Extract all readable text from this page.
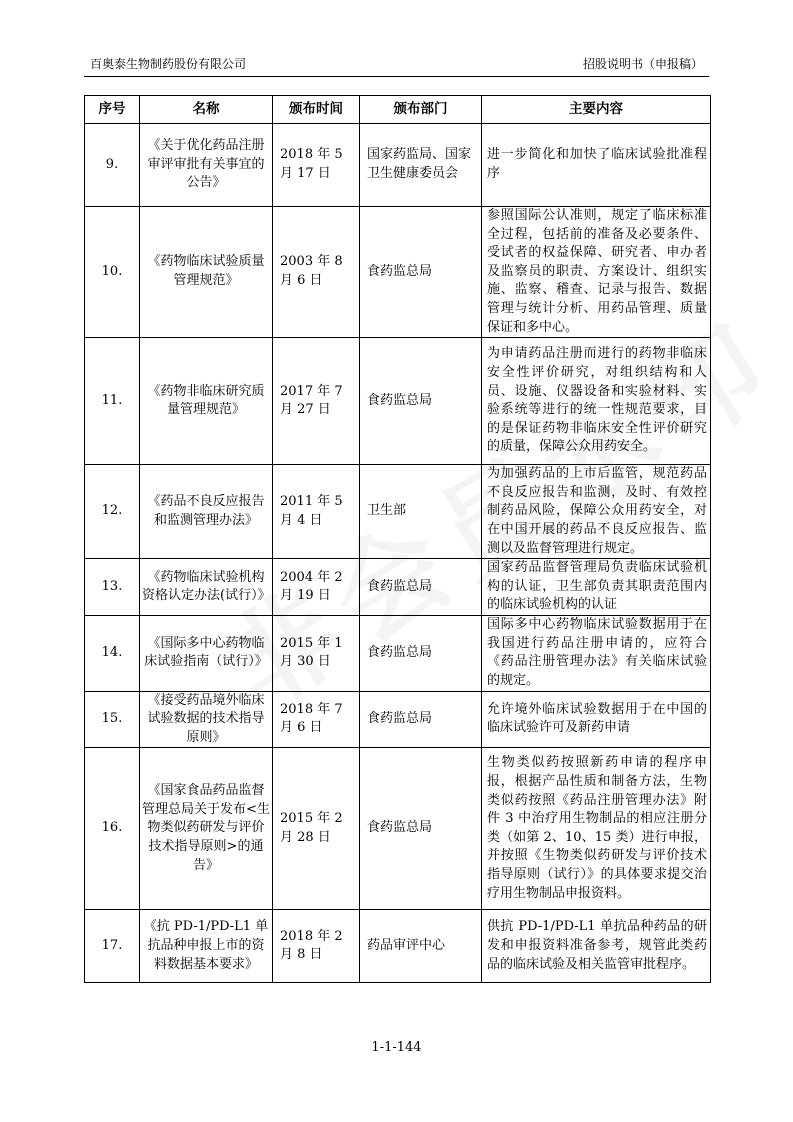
百奥泰生物制药股份有限公司	招股说明书（申报稿）
序号	名称	颁布时间	颁布部门	主要内容
9.	《关于优化药品注册审评审批有关事宜的公告》	2018 年 5 月 17 日	国家药监局、国家卫生健康委员会	进一步简化和加快了临床试验批准程序
10.	《药物临床试验质量管理规范》	2003 年 8 月 6 日	食药监总局	参照国际公认准则，规定了临床标准全过程，包括前的准备及必要条件、受试者的权益保障、研究者、申办者及监察员的职责、方案设计、组织实施、监察、稽查、记录与报告、数据管理与统计分析、用药品管理、质量保证和多中心。
11.	《药物非临床研究质量管理规范》	2017 年 7 月 27 日	食药监总局	为申请药品注册而进行的药物非临床安全性评价研究，对组织结构和人员、设施、仪器设备和实验材料、实验系统等进行的统一性规范要求，目的是保证药物非临床安全性评价研究的质量，保障公众用药安全。
12.	《药品不良反应报告和监测管理办法》	2011 年 5 月 4 日	卫生部	为加强药品的上市后监管，规范药品不良反应报告和监测，及时、有效控制药品风险，保障公众用药安全，对在中国开展的药品不良反应报告、监测以及监督管理进行规定。
13.	《药物临床试验机构资格认定办法(试行）》	2004 年 2 月 19 日	食药监总局	国家药品监督管理局负责临床试验机构的认证，卫生部负责其职责范围内的临床试验机构的认证
14.	《国际多中心药物临床试验指南（试行）》	2015 年 1 月 30 日	食药监总局	国际多中心药物临床试验数据用于在我国进行药品注册申请的，应符合《药品注册管理办法》有关临床试验的规定。
15.	《接受药品境外临床试验数据的技术指导原则》	2018 年 7 月 6 日	食药监总局	允许境外临床试验数据用于在中国的临床试验许可及新药申请
16.	《国家食品药品监督管理总局关于发布<生物类似药研发与评价技术指导原则>的通告》	2015 年 2 月 28 日	食药监总局	生物类似药按照新药申请的程序申报，根据产品性质和制备方法，生物类似药按照《药品注册管理办法》附件 3 中治疗用生物制品的相应注册分类（如第 2、10、15 类）进行申报，并按照《生物类似药研发与评价技术指导原则（试行）》的具体要求提交治疗用生物制品申报资料。
17.	《抗 PD-1/PD-L1 单抗品种申报上市的资料数据基本要求》	2018 年 2 月 8 日	药品审评中心	供抗 PD-1/PD-L1 单抗品种药品的研发和申报资料准备参考，规管此类药品的临床试验及相关监管审批程序。
1-1-144
